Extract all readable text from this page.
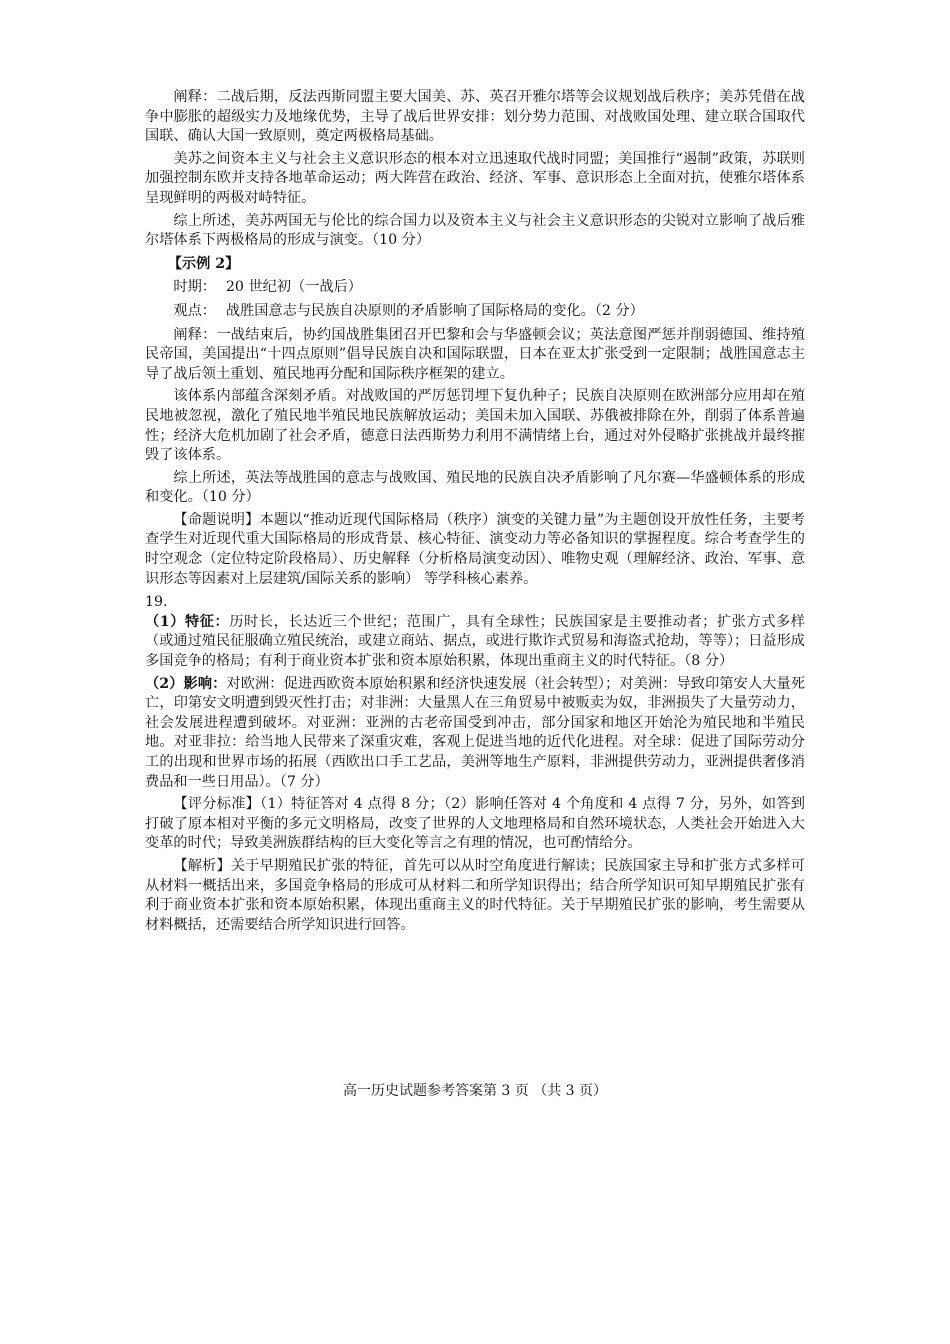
阐释：二战后期，反法西斯同盟主要大国美、苏、英召开雅尔塔等会议规划战后秩序；美苏凭借在战争中膨胀的超级实力及地缘优势，主导了战后世界安排：划分势力范围、对战败国处理、建立联合国取代国联、确认大国一致原则，奠定两极格局基础。

美苏之间资本主义与社会主义意识形态的根本对立迅速取代战时同盟；美国推行“遏制”政策，苏联则加强控制东欧并支持各地革命运动；两大阵营在政治、经济、军事、意识形态上全面对抗，使雅尔塔体系呈现鲜明的两极对峙特征。

综上所述，美苏两国无与伦比的综合国力以及资本主义与社会主义意识形态的尖锐对立影响了战后雅尔塔体系下两极格局的形成与演变。（10 分）

【示例 2】

时期： 20 世纪初（一战后）

观点： 战胜国意志与民族自决原则的矛盾影响了国际格局的变化。（2 分）

阐释：一战结束后，协约国战胜集团召开巴黎和会与华盛顿会议；英法意图严惩并削弱德国、维持殖民帝国，美国提出“十四点原则”倡导民族自决和国际联盟，日本在亚太扩张受到一定限制；战胜国意志主导了战后领土重划、殖民地再分配和国际秩序框架的建立。

该体系内部蕴含深刻矛盾。对战败国的严厉惩罚埋下复仇种子；民族自决原则在欧洲部分应用却在殖民地被忽视，激化了殖民地半殖民地民族解放运动；美国未加入国联、苏俄被排除在外，削弱了体系普遍性；经济大危机加剧了社会矛盾，德意日法西斯势力利用不满情绪上台，通过对外侵略扩张挑战并最终摧毁了该体系。

综上所述，英法等战胜国的意志与战败国、殖民地的民族自决矛盾影响了凡尔赛—华盛顿体系的形成和变化。（10 分）

【命题说明】本题以“推动近现代国际格局（秩序）演变的关键力量”为主题创设开放性任务，主要考查学生对近现代重大国际格局的形成背景、核心特征、演变动力等必备知识的掌握程度。综合考查学生的时空观念（定位特定阶段格局）、历史解释（分析格局演变动因）、唯物史观（理解经济、政治、军事、意识形态等因素对上层建筑/国际关系的影响） 等学科核心素养。

19.

（1）特征：历时长，长达近三个世纪；范围广，具有全球性；民族国家是主要推动者；扩张方式多样（或通过殖民征服确立殖民统治，或建立商站、据点，或进行欺诈式贸易和海盗式抢劫，等等）；日益形成多国竞争的格局；有利于商业资本扩张和资本原始积累，体现出重商主义的时代特征。（8 分）

（2）影响：对欧洲：促进西欧资本原始积累和经济快速发展（社会转型）；对美洲：导致印第安人大量死亡，印第安文明遭到毁灭性打击；对非洲：大量黑人在三角贸易中被贩卖为奴，非洲损失了大量劳动力，社会发展进程遭到破坏。对亚洲：亚洲的古老帝国受到冲击，部分国家和地区开始沦为殖民地和半殖民地。对亚非拉：给当地人民带来了深重灾难，客观上促进当地的近代化进程。对全球：促进了国际劳动分工的出现和世界市场的拓展（西欧出口手工艺品，美洲等地生产原料，非洲提供劳动力，亚洲提供奢侈消费品和一些日用品）。（7 分）

【评分标准】（1）特征答对 4 点得 8 分；（2）影响任答对 4 个角度和 4 点得 7 分，另外，如答到打破了原本相对平衡的多元文明格局，改变了世界的人文地理格局和自然环境状态，人类社会开始进入大变革的时代；导致美洲族群结构的巨大变化等言之有理的情况，也可酌情给分。

【解析】关于早期殖民扩张的特征，首先可以从时空角度进行解读；民族国家主导和扩张方式多样可从材料一概括出来，多国竞争格局的形成可从材料二和所学知识得出；结合所学知识可知早期殖民扩张有利于商业资本扩张和资本原始积累，体现出重商主义的时代特征。关于早期殖民扩张的影响，考生需要从材料概括，还需要结合所学知识进行回答。

高一历史试题参考答案第 3 页 （共 3 页）
